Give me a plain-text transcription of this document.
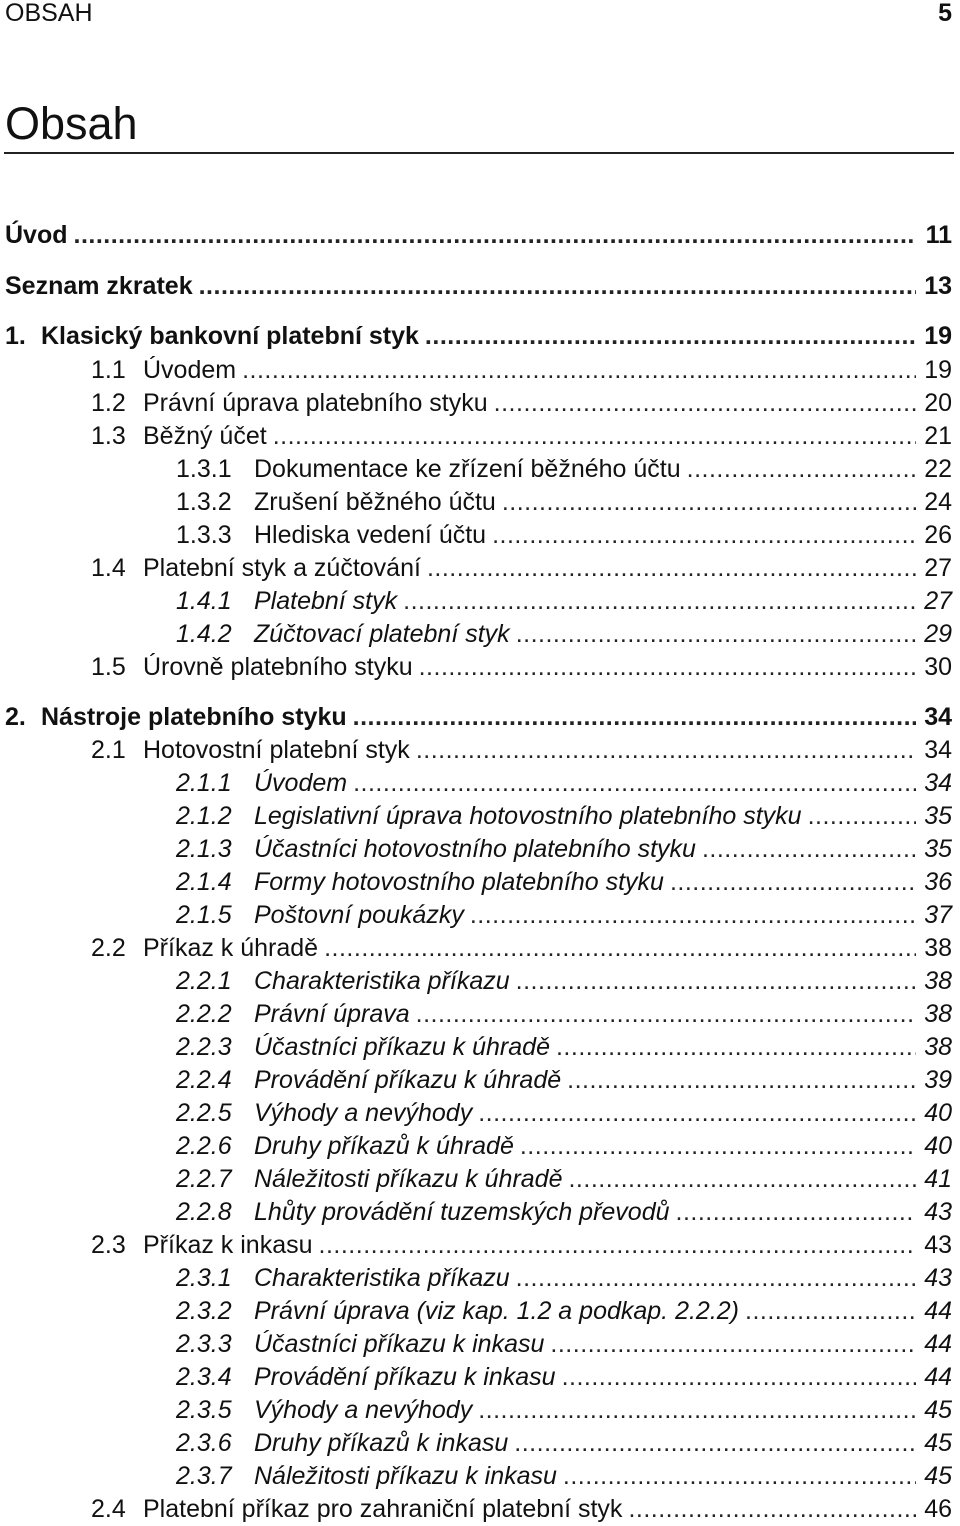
OBSAH	5
Obsah
Úvod .....	11
Seznam zkratek .....	13
1. Klasický bankovní platební styk .....	19
1.1 Úvodem .....	19
1.2 Právní úprava platebního styku .....	20
1.3 Běžný účet .....	21
1.3.1 Dokumentace ke zřízení běžného účtu .....	22
1.3.2 Zrušení běžného účtu .....	24
1.3.3 Hlediska vedení účtu .....	26
1.4 Platební styk a zúčtování .....	27
1.4.1 Platební styk .....	27
1.4.2 Zúčtovací platební styk .....	29
1.5 Úrovně platebního styku .....	30
2. Nástroje platebního styku .....	34
2.1 Hotovostní platební styk .....	34
2.1.1 Úvodem .....	34
2.1.2 Legislativní úprava hotovostního platebního styku .....	35
2.1.3 Účastníci hotovostního platebního styku .....	35
2.1.4 Formy hotovostního platebního styku .....	36
2.1.5 Poštovní poukázky .....	37
2.2 Příkaz k úhradě .....	38
2.2.1 Charakteristika příkazu .....	38
2.2.2 Právní úprava .....	38
2.2.3 Účastníci příkazu k úhradě .....	38
2.2.4 Provádění příkazu k úhradě .....	39
2.2.5 Výhody a nevýhody .....	40
2.2.6 Druhy příkazů k úhradě .....	40
2.2.7 Náležitosti příkazu k úhradě .....	41
2.2.8 Lhůty provádění tuzemských převodů .....	43
2.3 Příkaz k inkasu .....	43
2.3.1 Charakteristika příkazu .....	43
2.3.2 Právní úprava (viz kap. 1.2 a podkap. 2.2.2) .....	44
2.3.3 Účastníci příkazu k inkasu .....	44
2.3.4 Provádění příkazu k inkasu .....	44
2.3.5 Výhody a nevýhody .....	45
2.3.6 Druhy příkazů k inkasu .....	45
2.3.7 Náležitosti příkazu k inkasu .....	45
2.4 Platební příkaz pro zahraniční platební styk .....	46
